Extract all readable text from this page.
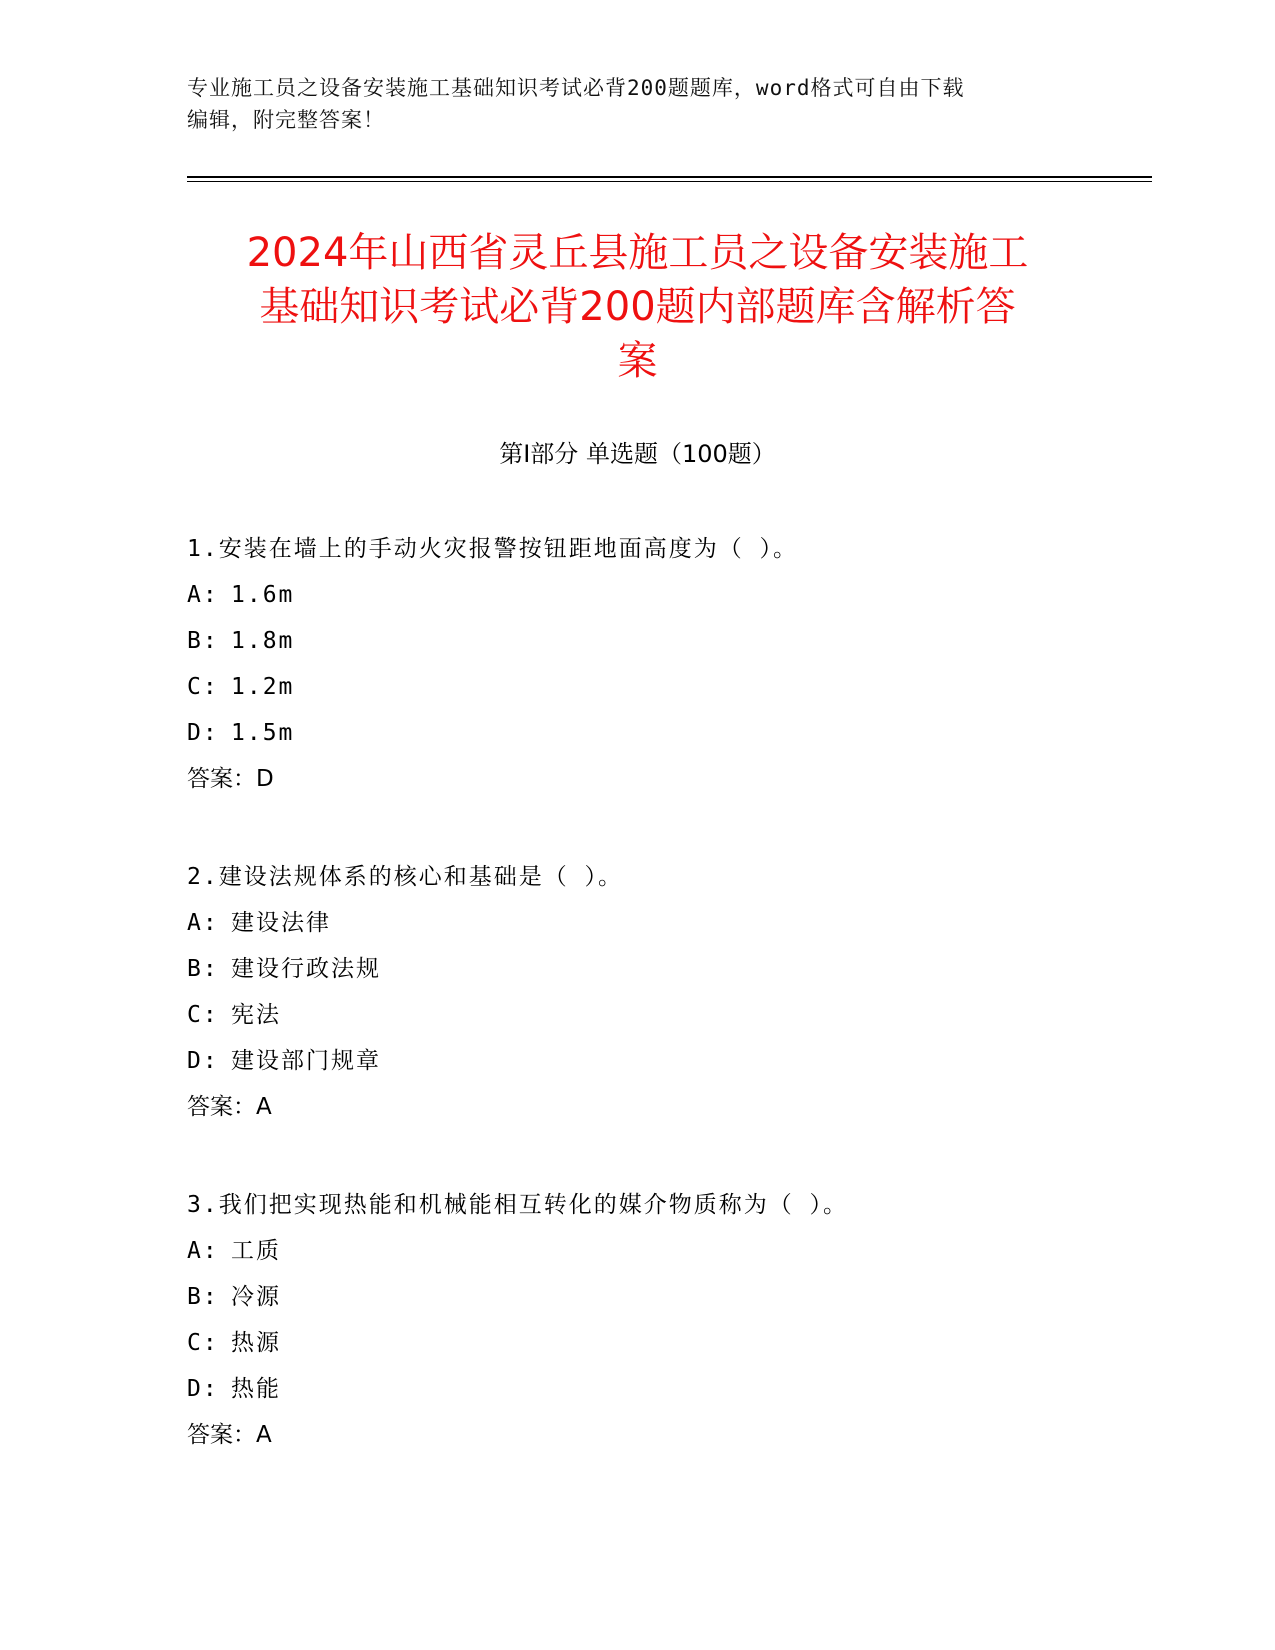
专业施工员之设备安装施工基础知识考试必背200题题库，word格式可自由下载
编辑，附完整答案！
2024年山西省灵丘县施工员之设备安装施工
基础知识考试必背200题内部题库含解析答
案
第I部分 单选题（100题）
1.安装在墙上的手动火灾报警按钮距地面高度为（ ）。
A: 1.6m
B: 1.8m
C: 1.2m
D: 1.5m
答案：D
2.建设法规体系的核心和基础是（ ）。
A: 建设法律
B: 建设行政法规
C: 宪法
D: 建设部门规章
答案：A
3.我们把实现热能和机械能相互转化的媒介物质称为（ ）。
A: 工质
B: 冷源
C: 热源
D: 热能
答案：A
